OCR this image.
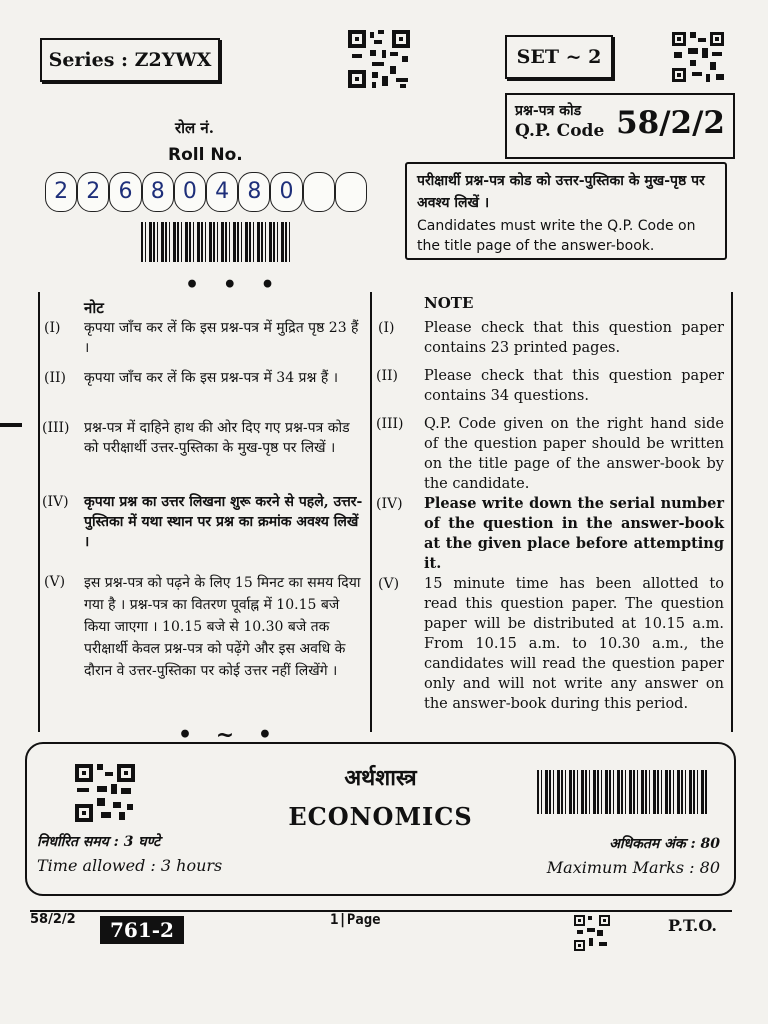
Series : Z2YWX	SET ~ 2
प्रश्न-पत्र कोड
Q.P. Code 58/2/2
रोल नं.
Roll No.
2 2 6 8 0 4 8 0
• • •
परीक्षार्थी प्रश्न-पत्र कोड को उत्तर-पुस्तिका के मुख-पृष्ठ पर अवश्य लिखें ।
Candidates must write the Q.P. Code on the title page of the answer-book.
नोट
(I) कृपया जाँच कर लें कि इस प्रश्न-पत्र में मुद्रित पृष्ठ 23 हैं ।
(II) कृपया जाँच कर लें कि इस प्रश्न-पत्र में 34 प्रश्न हैं ।
(III) प्रश्न-पत्र में दाहिने हाथ की ओर दिए गए प्रश्न-पत्र कोड को परीक्षार्थी उत्तर-पुस्तिका के मुख-पृष्ठ पर लिखें ।
(IV) कृपया प्रश्न का उत्तर लिखना शुरू करने से पहले, उत्तर-पुस्तिका में यथा स्थान पर प्रश्न का क्रमांक अवश्य लिखें ।
(V) इस प्रश्न-पत्र को पढ़ने के लिए 15 मिनट का समय दिया गया है । प्रश्न-पत्र का वितरण पूर्वाह्न में 10.15 बजे किया जाएगा । 10.15 बजे से 10.30 बजे तक परीक्षार्थी केवल प्रश्न-पत्र को पढ़ेंगे और इस अवधि के दौरान वे उत्तर-पुस्तिका पर कोई उत्तर नहीं लिखेंगे ।
NOTE
(I) Please check that this question paper contains 23 printed pages.
(II) Please check that this question paper contains 34 questions.
(III) Q.P. Code given on the right hand side of the question paper should be written on the title page of the answer-book by the candidate.
(IV) Please write down the serial number of the question in the answer-book at the given place before attempting it.
(V) 15 minute time has been allotted to read this question paper. The question paper will be distributed at 10.15 a.m. From 10.15 a.m. to 10.30 a.m., the candidates will read the question paper only and will not write any answer on the answer-book during this period.
• ~ •
अर्थशास्त्र
ECONOMICS
निर्धारित समय : 3 घण्टे
Time allowed : 3 hours
अधिकतम अंक : 80
Maximum Marks : 80
58/2/2	761-2	1|Page	P.T.O.
